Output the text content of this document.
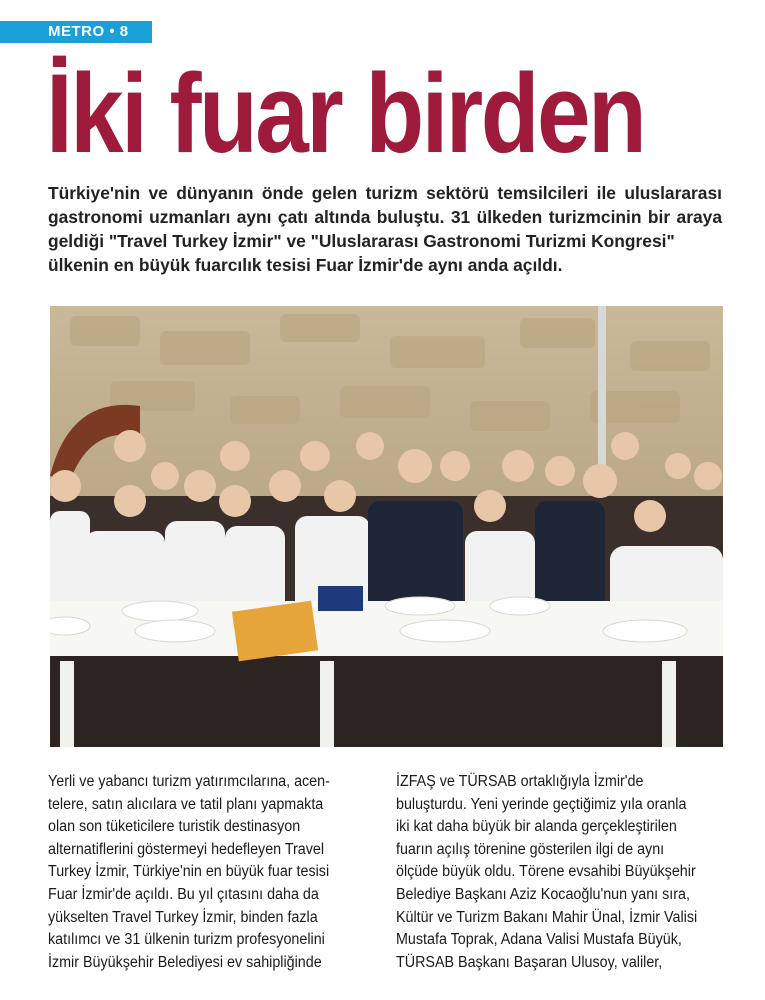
METRO • 8
İki fuar birden

Türkiye'nin ve dünyanın önde gelen turizm sektörü temsilcileri ile uluslararası
gastronomi uzmanları aynı çatı altında buluştu. 31 ülkeden turizmcinin bir araya
geldiği "Travel Turkey İzmir" ve "Uluslararası Gastronomi Turizmi Kongresi"
ülkenin en büyük fuarcılık tesisi Fuar İzmir'de aynı anda açıldı.

Yerli ve yabancı turizm yatırımcılarına, acen-
telere, satın alıcılara ve tatil planı yapmakta
olan son tüketicilere turistik destinasyon
alternatiflerini göstermeyi hedefleyen Travel
Turkey İzmir, Türkiye'nin en büyük fuar tesisi
Fuar İzmir'de açıldı. Bu yıl çıtasını daha da
yükselten Travel Turkey İzmir, binden fazla
katılımcı ve 31 ülkenin turizm profesyonelini
İzmir Büyükşehir Belediyesi ev sahipliğinde
İZFAŞ ve TÜRSAB ortaklığıyla İzmir'de
buluşturdu. Yeni yerinde geçtiğimiz yıla oranla
iki kat daha büyük bir alanda gerçekleştirilen
fuarın açılış törenine gösterilen ilgi de aynı
ölçüde büyük oldu. Törene evsahibi Büyükşehir
Belediye Başkanı Aziz Kocaoğlu'nun yanı sıra,
Kültür ve Turizm Bakanı Mahir Ünal, İzmir Valisi
Mustafa Toprak, Adana Valisi Mustafa Büyük,
TÜRSAB Başkanı Başaran Ulusoy, valiler,
